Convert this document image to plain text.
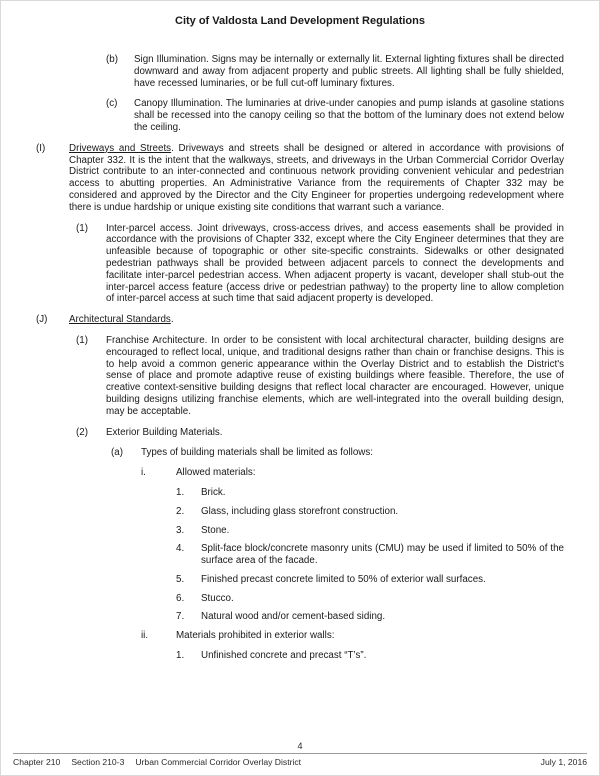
City of Valdosta Land Development Regulations
(b)	Sign Illumination. Signs may be internally or externally lit. External lighting fixtures shall be directed downward and away from adjacent property and public streets. All lighting shall be fully shielded, have recessed luminaries, or be full cut-off luminary fixtures.

(c)	Canopy Illumination. The luminaries at drive-under canopies and pump islands at gasoline stations shall be recessed into the canopy ceiling so that the bottom of the luminary does not extend below the ceiling.

(I)	Driveways and Streets. Driveways and streets shall be designed or altered in accordance with provisions of Chapter 332. It is the intent that the walkways, streets, and driveways in the Urban Commercial Corridor Overlay District contribute to an inter-connected and continuous network providing convenient vehicular and pedestrian access to abutting properties. An Administrative Variance from the requirements of Chapter 332 may be considered and approved by the Director and the City Engineer for properties undergoing redevelopment where there is undue hardship or unique existing site conditions that warrant such a variance.

(1)	Inter-parcel access. Joint driveways, cross-access drives, and access easements shall be provided in accordance with the provisions of Chapter 332, except where the City Engineer determines that they are unfeasible because of topographic or other site-specific constraints. Sidewalks or other designated pedestrian pathways shall be provided between adjacent parcels to connect the developments and facilitate inter-parcel pedestrian access. When adjacent property is vacant, developer shall stub-out the inter-parcel access feature (access drive or pedestrian pathway) to the property line to allow completion of inter-parcel access at such time that said adjacent property is developed.

(J)	Architectural Standards.

(1)	Franchise Architecture. In order to be consistent with local architectural character, building designs are encouraged to reflect local, unique, and traditional designs rather than chain or franchise designs. This is to help avoid a common generic appearance within the Overlay District and to establish the District's sense of place and promote adaptive reuse of existing buildings where feasible. Therefore, the use of creative context-sensitive building designs that reflect local character are encouraged. However, unique building designs utilizing franchise elements, which are well-integrated into the overall building design, may be acceptable.

(2)	Exterior Building Materials.

(a)	Types of building materials shall be limited as follows:

i.	Allowed materials:

1.	Brick.

2.	Glass, including glass storefront construction.

3.	Stone.

4.	Split-face block/concrete masonry units (CMU) may be used if limited to 50% of the surface area of the facade.

5.	Finished precast concrete limited to 50% of exterior wall surfaces.

6.	Stucco.

7.	Natural wood and/or cement-based siding.

ii.	Materials prohibited in exterior walls:

1.	Unfinished concrete and precast “T’s”.

4
Chapter 210 Section 210-3 Urban Commercial Corridor Overlay District	July 1, 2016
